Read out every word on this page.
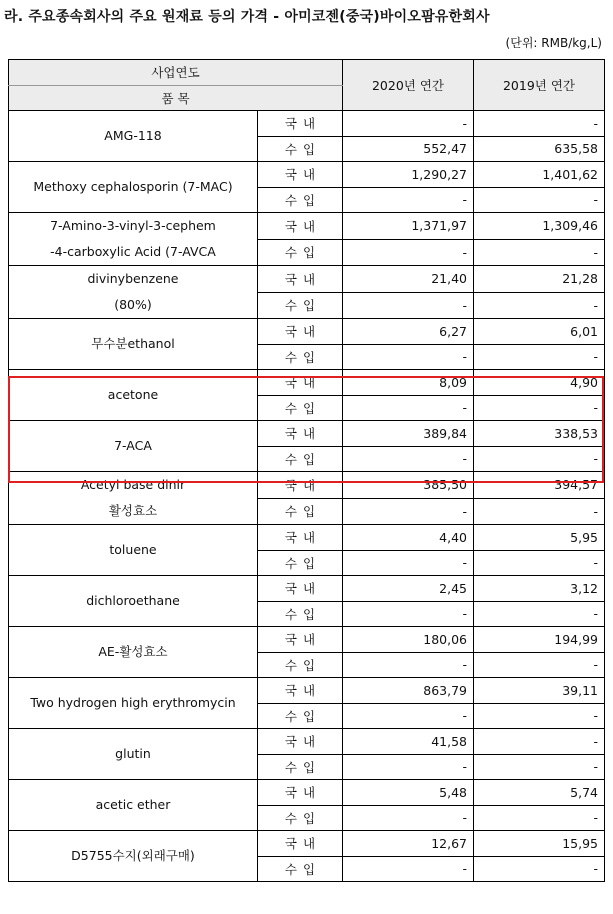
라. 주요종속회사의 주요 원재료 등의 가격 - 아미코젠(중국)바이오팜유한회사
(단위: RMB/kg,L)
사업연도		2020년 연간	2019년 연간
품 목			

AMG-118	국내	-	-
	수입	552,47	635,58

Methoxy cephalosporin (7-MAC)	국내	1,290,27	1,401,62
	수입	-	-

7-Amino-3-vinyl-3-cephem
-4-carboxylic Acid (7-AVCA	국내	1,371,97	1,309,46
	수입	-	-

divinybenzene
(80%)	국내	21,40	21,28
	수입	-	-

무수분ethanol	국내	6,27	6,01
	수입	-	-

acetone	국내	8,09	4,90
	수입	-	-

7-ACA	국내	389,84	338,53
	수입	-	-

Acetyl base dinir
활성효소	국내	385,50	394,57
	수입	-	-

toluene	국내	4,40	5,95
	수입	-	-

dichloroethane	국내	2,45	3,12
	수입	-	-

AE-활성효소	국내	180,06	194,99
	수입	-	-

Two hydrogen high erythromycin	국내	863,79	39,11
	수입	-	-

glutin	국내	41,58	-
	수입	-	-

acetic ether	국내	5,48	5,74
	수입	-	-

D5755수지(외래구매)	국내	12,67	15,95
	수입	-	-
